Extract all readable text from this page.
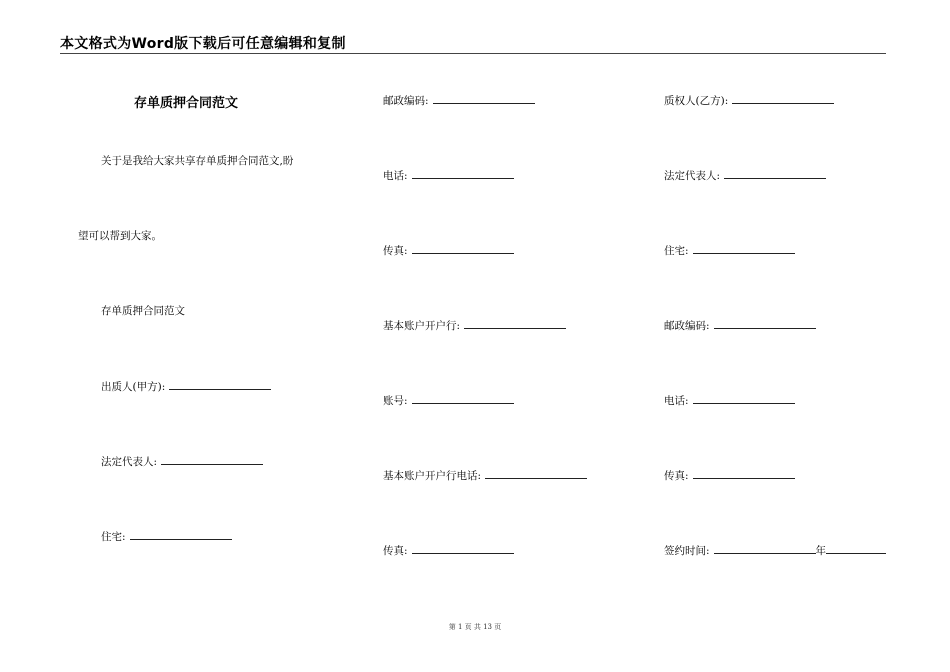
本文格式为Word版下载后可任意编辑和复制
存单质押合同范文
关于是我给大家共享存单质押合同范文,盼
望可以帮到大家。
存单质押合同范文
出质人(甲方):
法定代表人:
住宅:
邮政编码:
电话:
传真:
基本账户开户行:
账号:
基本账户开户行电话:
传真:
质权人(乙方):
法定代表人:
住宅:
邮政编码:
电话:
传真:
签约时间:	年
第 1 页 共 13 页
